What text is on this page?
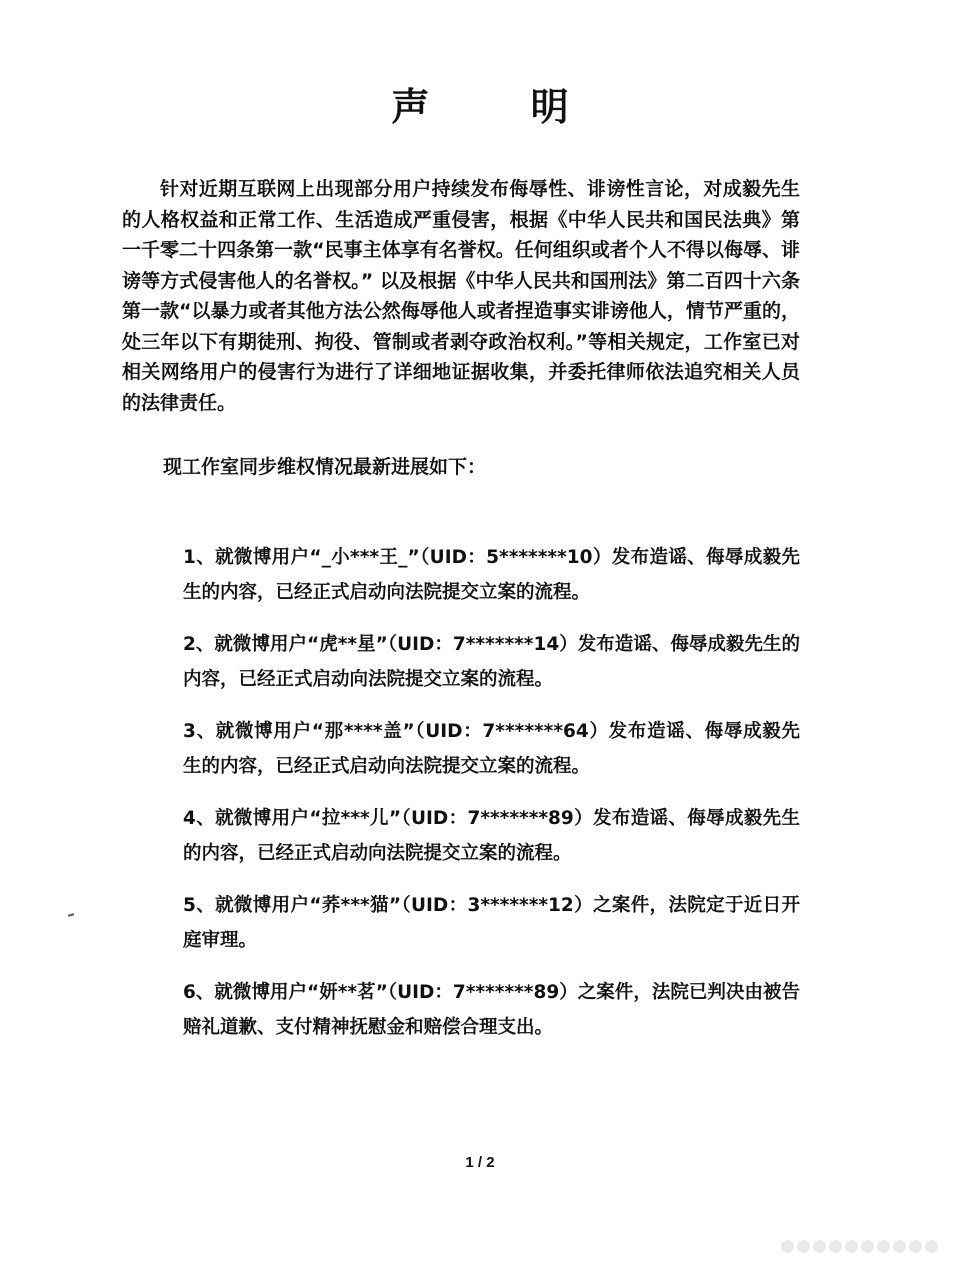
声 明
针对近期互联网上出现部分用户持续发布侮辱性、诽谤性言论，对成毅先生的人格权益和正常工作、生活造成严重侵害，根据《中华人民共和国民法典》第一千零二十四条第一款“民事主体享有名誉权。任何组织或者个人不得以侮辱、诽谤等方式侵害他人的名誉权。” 以及根据《中华人民共和国刑法》第二百四十六条第一款“以暴力或者其他方法公然侮辱他人或者捏造事实诽谤他人，情节严重的，处三年以下有期徒刑、拘役、管制或者剥夺政治权利。”等相关规定，工作室已对相关网络用户的侵害行为进行了详细地证据收集，并委托律师依法追究相关人员的法律责任。
现工作室同步维权情况最新进展如下：
1、就微博用户“_小***王_”（UID：5*******10）发布造谣、侮辱成毅先生的内容，已经正式启动向法院提交立案的流程。
2、就微博用户“虎**星”（UID：7*******14）发布造谣、侮辱成毅先生的内容，已经正式启动向法院提交立案的流程。
3、就微博用户“那****盖”（UID：7*******64）发布造谣、侮辱成毅先生的内容，已经正式启动向法院提交立案的流程。
4、就微博用户“拉***儿”（UID：7*******89）发布造谣、侮辱成毅先生的内容，已经正式启动向法院提交立案的流程。
5、就微博用户“荞***猫”（UID：3*******12）之案件，法院定于近日开庭审理。
6、就微博用户“妍**茗”（UID：7*******89）之案件，法院已判决由被告赔礼道歉、支付精神抚慰金和赔偿合理支出。
1 / 2
